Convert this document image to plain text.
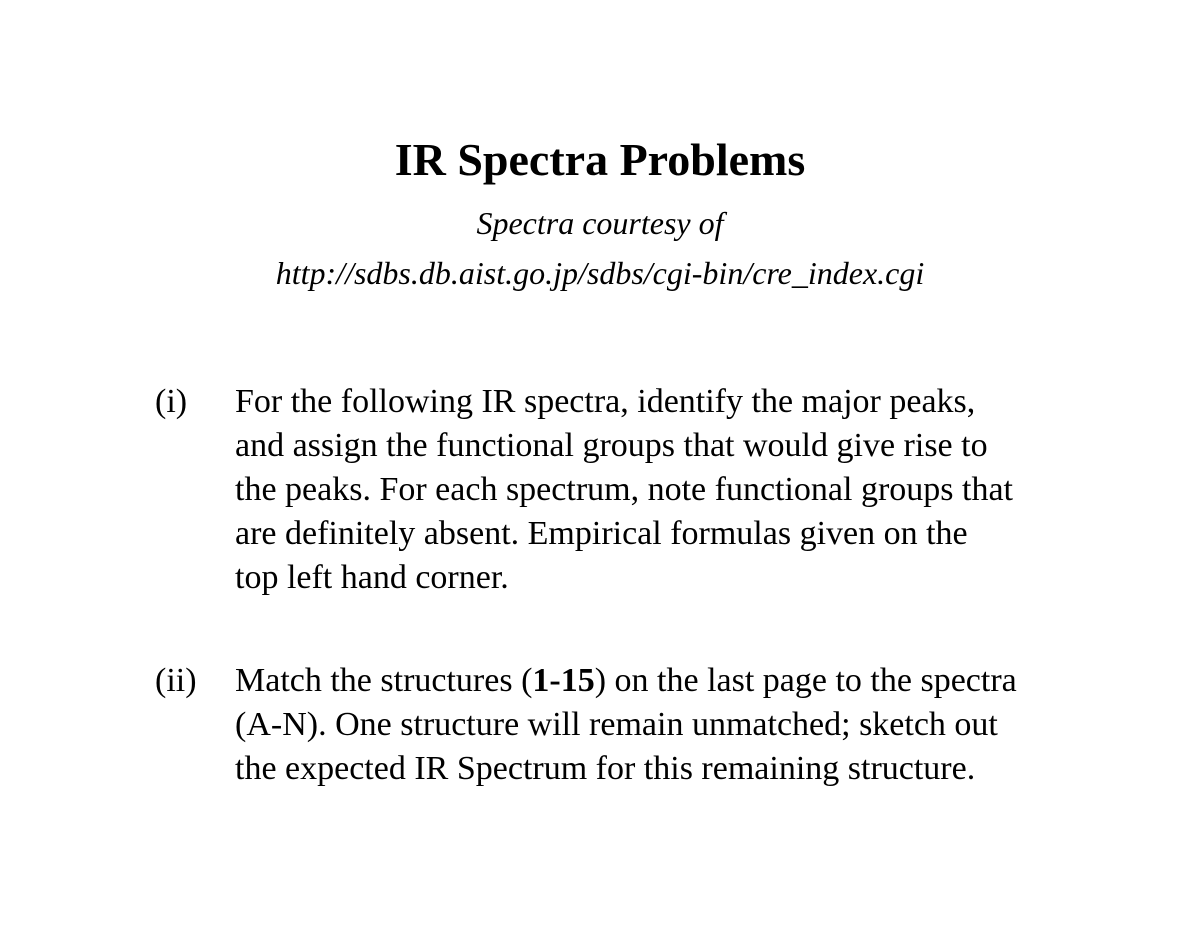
IR Spectra Problems
Spectra courtesy of
http://sdbs.db.aist.go.jp/sdbs/cgi-bin/cre_index.cgi
(i) For the following IR spectra, identify the major peaks,
and assign the functional groups that would give rise to
the peaks. For each spectrum, note functional groups that
are definitely absent. Empirical formulas given on the
top left hand corner.
(ii) Match the structures (1-15) on the last page to the spectra
(A-N). One structure will remain unmatched; sketch out
the expected IR Spectrum for this remaining structure.
